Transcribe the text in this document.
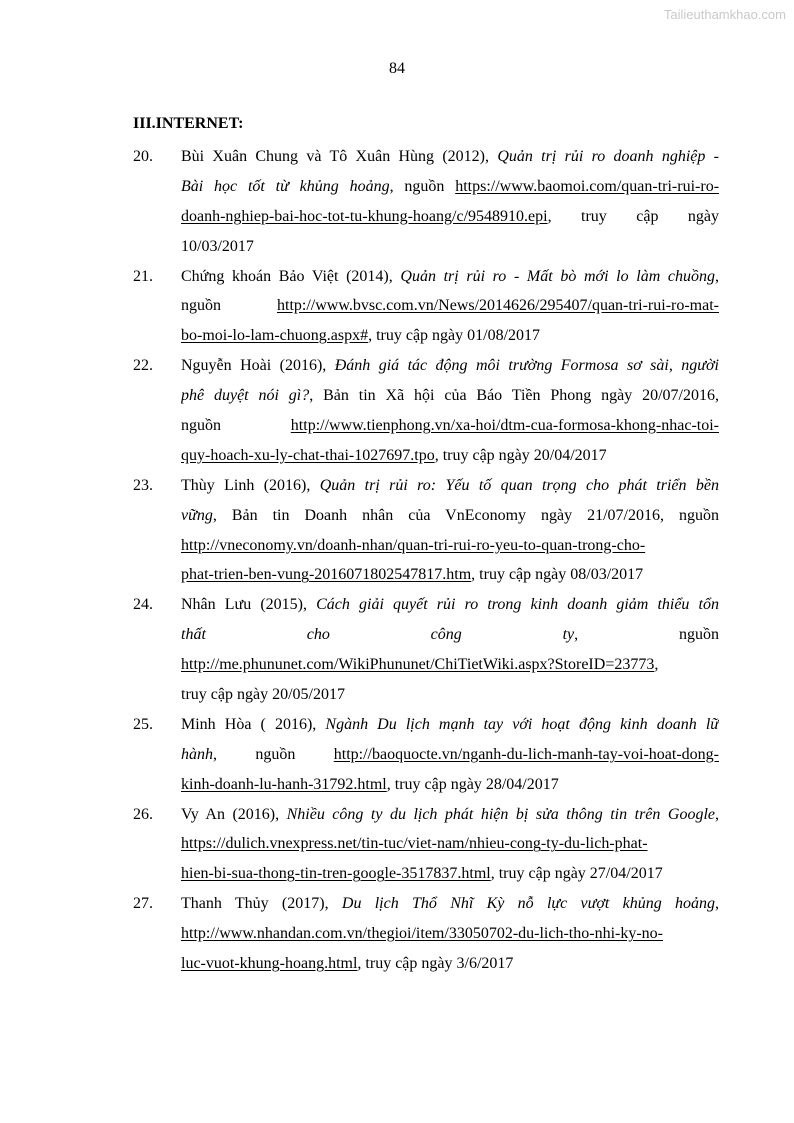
Tailieuthamkhao.com
84
III.INTERNET:
20. Bùi Xuân Chung và Tô Xuân Hùng (2012), Quản trị rủi ro doanh nghiệp -
Bài học tốt từ khủng hoảng, nguồn https://www.baomoi.com/quan-tri-rui-ro-
doanh-nghiep-bai-hoc-tot-tu-khung-hoang/c/9548910.epi, truy cập ngày
10/03/2017
21. Chứng khoán Bảo Việt (2014), Quản trị rủi ro - Mất bò mới lo làm chuồng,
nguồn http://www.bvsc.com.vn/News/2014626/295407/quan-tri-rui-ro-mat-
bo-moi-lo-lam-chuong.aspx#, truy cập ngày 01/08/2017
22. Nguyễn Hoài (2016), Đánh giá tác động môi trường Formosa sơ sài, người
phê duyệt nói gì?, Bản tin Xã hội của Báo Tiền Phong ngày 20/07/2016,
nguồn http://www.tienphong.vn/xa-hoi/dtm-cua-formosa-khong-nhac-toi-
quy-hoach-xu-ly-chat-thai-1027697.tpo, truy cập ngày 20/04/2017
23. Thùy Linh (2016), Quản trị rủi ro: Yếu tố quan trọng cho phát triển bền
vững, Bản tin Doanh nhân của VnEconomy ngày 21/07/2016, nguồn
http://vneconomy.vn/doanh-nhan/quan-tri-rui-ro-yeu-to-quan-trong-cho-
phat-trien-ben-vung-2016071802547817.htm, truy cập ngày 08/03/2017
24. Nhân Lưu (2015), Cách giải quyết rủi ro trong kinh doanh giảm thiểu tổn
thất cho công ty, nguồn
http://me.phununet.com/WikiPhununet/ChiTietWiki.aspx?StoreID=23773,
truy cập ngày 20/05/2017
25. Minh Hòa ( 2016), Ngành Du lịch mạnh tay với hoạt động kinh doanh lữ
hành, nguồn http://baoquocte.vn/nganh-du-lich-manh-tay-voi-hoat-dong-
kinh-doanh-lu-hanh-31792.html, truy cập ngày 28/04/2017
26. Vy An (2016), Nhiều công ty du lịch phát hiện bị sửa thông tin trên Google,
https://dulich.vnexpress.net/tin-tuc/viet-nam/nhieu-cong-ty-du-lich-phat-
hien-bi-sua-thong-tin-tren-google-3517837.html, truy cập ngày 27/04/2017
27. Thanh Thủy (2017), Du lịch Thổ Nhĩ Kỳ nỗ lực vượt khủng hoảng,
http://www.nhandan.com.vn/thegioi/item/33050702-du-lich-tho-nhi-ky-no-
luc-vuot-khung-hoang.html, truy cập ngày 3/6/2017
